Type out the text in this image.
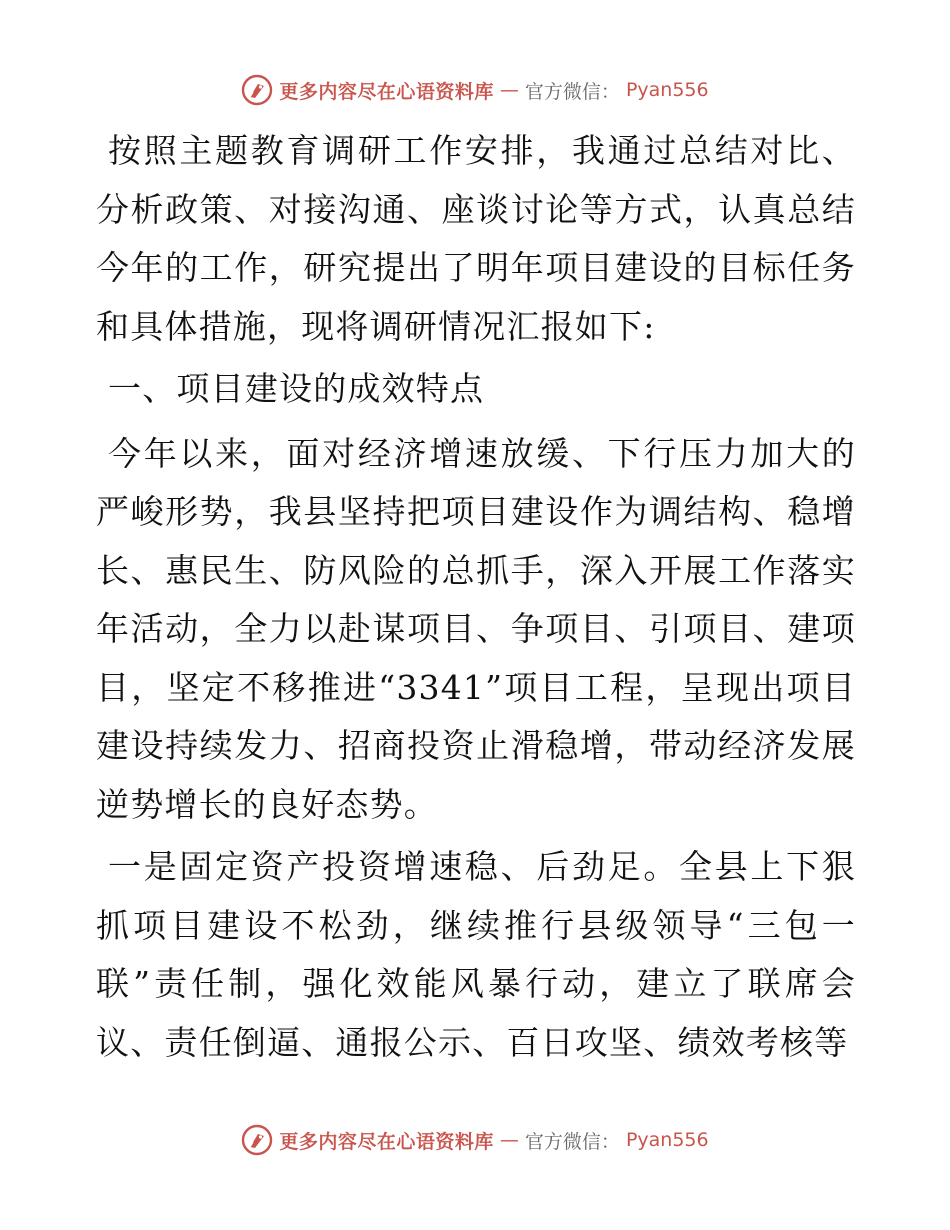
更多内容尽在心语资料库 — 官方微信： Pyan556

按照主题教育调研工作安排，我通过总结对比、分析政策、对接沟通、座谈讨论等方式，认真总结今年的工作，研究提出了明年项目建设的目标任务和具体措施，现将调研情况汇报如下:

一、项目建设的成效特点

今年以来，面对经济增速放缓、下行压力加大的严峻形势，我县坚持把项目建设作为调结构、稳增长、惠民生、防风险的总抓手，深入开展工作落实年活动，全力以赴谋项目、争项目、引项目、建项目，坚定不移推进“3341”项目工程，呈现出项目建设持续发力、招商投资止滑稳增，带动经济发展逆势增长的良好态势。

一是固定资产投资增速稳、后劲足。全县上下狠抓项目建设不松劲，继续推行县级领导“三包一联”责任制，强化效能风暴行动，建立了联席会议、责任倒逼、通报公示、百日攻坚、绩效考核等

更多内容尽在心语资料库 — 官方微信： Pyan556
